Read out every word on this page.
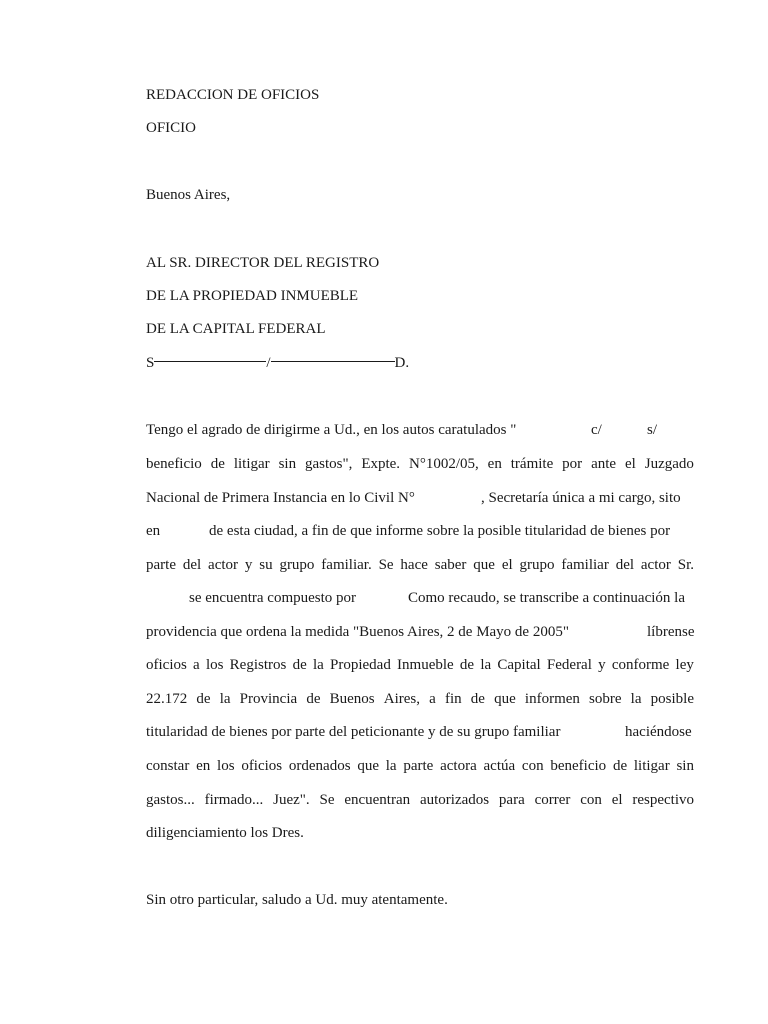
REDACCION DE OFICIOS
OFICIO
Buenos Aires,
AL SR. DIRECTOR DEL REGISTRO
DE LA PROPIEDAD INMUEBLE
DE LA CAPITAL FEDERAL
S	/	D.
Tengo el agrado de dirigirme a Ud., en los autos caratulados "	c/	s/
beneficio de litigar sin gastos", Expte. N°1002/05, en trámite por ante el Juzgado
Nacional de Primera Instancia en lo Civil N°	, Secretaría única a mi cargo, sito
en	de esta ciudad, a fin de que informe sobre la posible titularidad de bienes por
parte del actor y su grupo familiar. Se hace saber que el grupo familiar del actor Sr.
se encuentra compuesto por	Como recaudo, se transcribe a continuación la
providencia que ordena la medida "Buenos Aires, 2 de Mayo de 2005"	líbrense
oficios a los Registros de la Propiedad Inmueble de la Capital Federal y conforme ley
22.172 de la Provincia de Buenos Aires, a fin de que informen sobre la posible
titularidad de bienes por parte del peticionante y de su grupo familiar	haciéndose
constar en los oficios ordenados que la parte actora actúa con beneficio de litigar sin
gastos... firmado... Juez". Se encuentran autorizados para correr con el respectivo
diligenciamiento los Dres.
Sin otro particular, saludo a Ud. muy atentamente.
